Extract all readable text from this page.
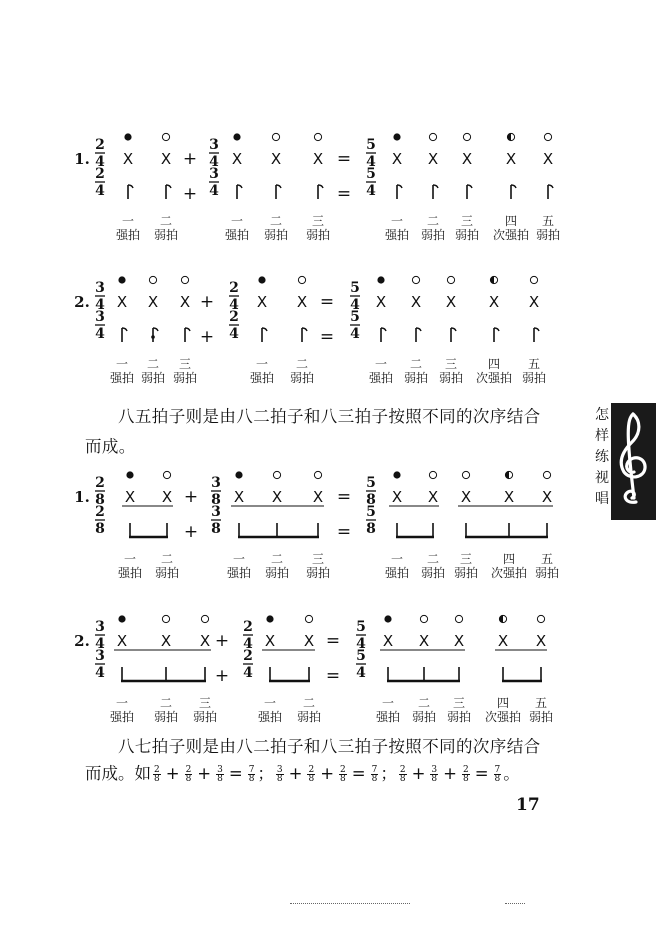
1.
2
4
2
4
3
4
3
4
5
4
5
4
+
+
=
=
X
一
强拍
X
二
弱拍
X
一
强拍
X
二
弱拍
X
三
弱拍
X
一
强拍
X
二
弱拍
X
三
弱拍
X
四
次强拍
X
五
弱拍
2.
3
4
3
4
2
4
2
4
5
4
5
4
+
+
=
=
X
一
强拍
X
二
弱拍
X
三
弱拍
X
一
强拍
X
二
弱拍
X
一
强拍
X
二
弱拍
X
三
弱拍
X
四
次强拍
X
五
弱拍
1.
2
8
2
8
3
8
3
8
5
8
5
8
+
+
=
=
X
一
强拍
X
二
弱拍
X
一
强拍
X
二
弱拍
X
三
弱拍
X
一
强拍
X
二
弱拍
X
三
弱拍
X
四
次强拍
X
五
弱拍
2.
3
4
3
4
2
4
2
4
5
4
5
4
+
+
=
=
X
一
强拍
X
二
弱拍
X
三
弱拍
X
一
强拍
X
二
弱拍
X
一
强拍
X
二
弱拍
X
三
弱拍
X
四
次强拍
X
五
弱拍
八五拍子则是由八二拍子和八三拍子按照不同的次序结合
而成。
八七拍子则是由八二拍子和八三拍子按照不同的次序结合
而成。如 $\frac{2}{8} + \frac{2}{8} + \frac{3}{8} = \frac{7}{8}$ ； $\frac{3}{8} + \frac{2}{8} + \frac{2}{8} = \frac{7}{8}$ ； $\frac{2}{8} + \frac{3}{8} + \frac{2}{8} = \frac{7}{8}$ 。
17
怎
样
练
视
唱
